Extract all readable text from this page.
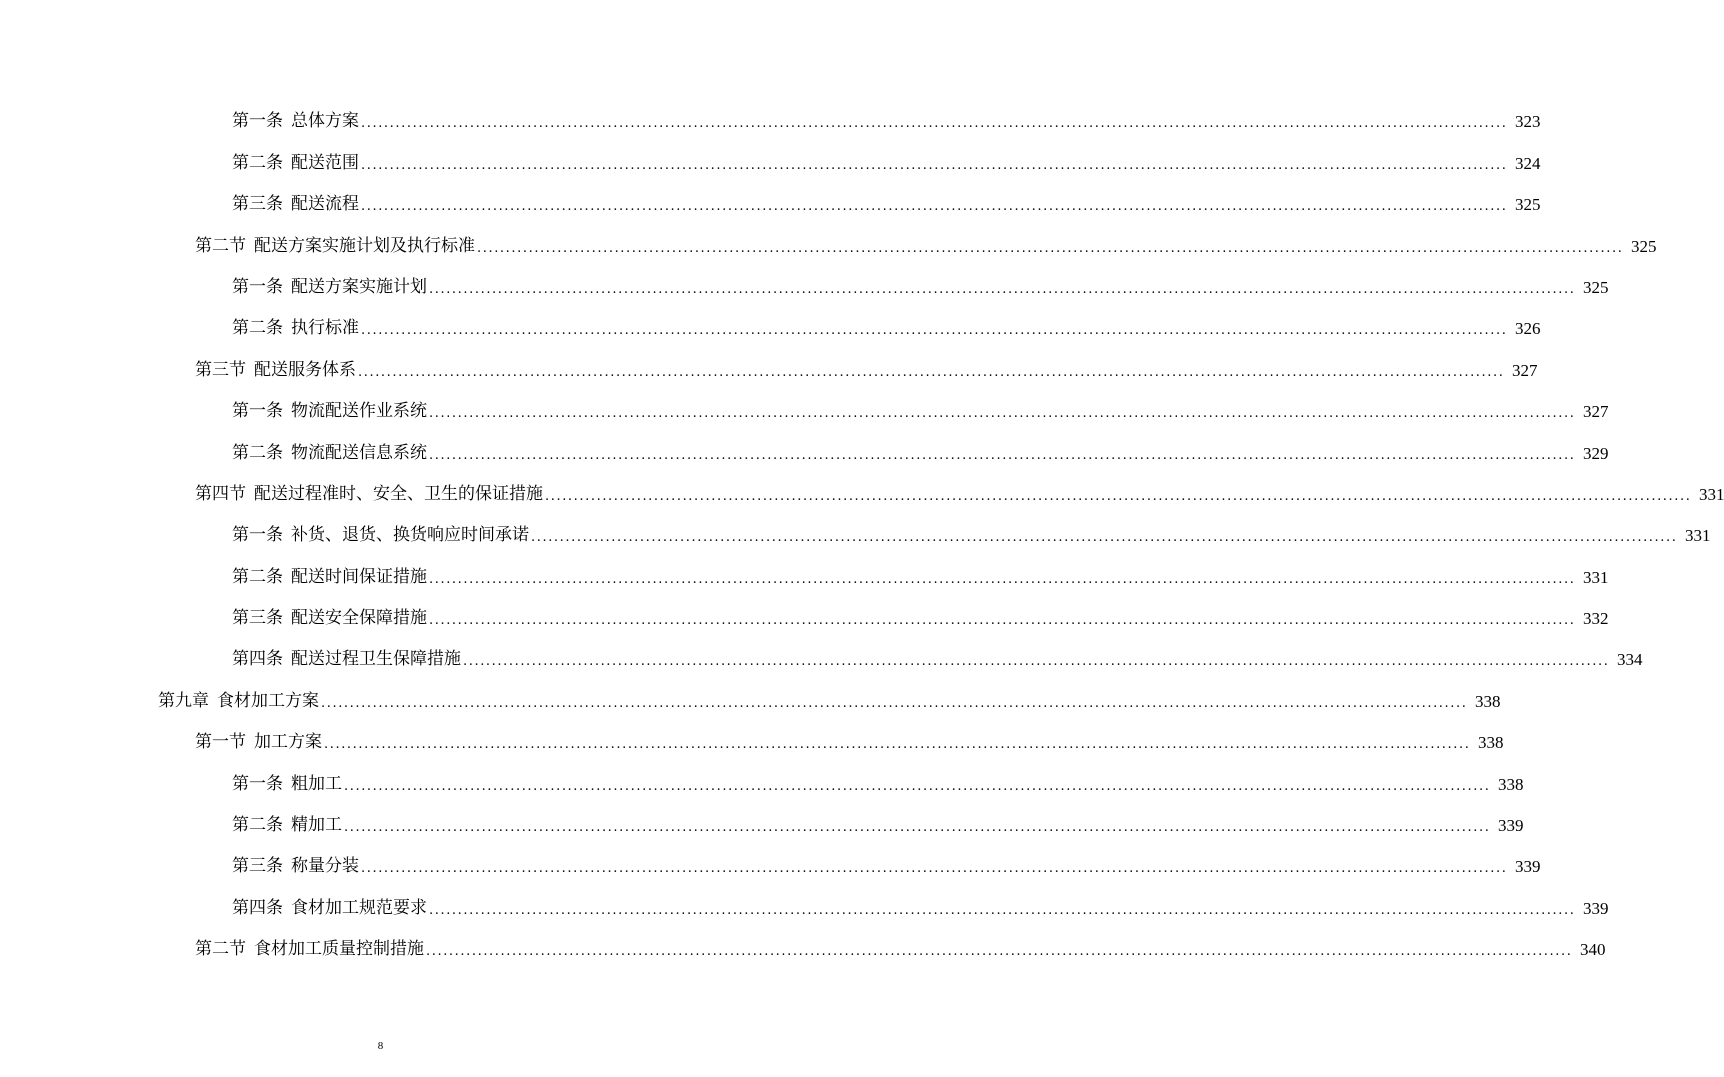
第一条 总体方案 ........................................................................................................................................................................................................ 323
第二条 配送范围 ........................................................................................................................................................................................................ 324
第三条 配送流程 ........................................................................................................................................................................................................ 325
第二节 配送方案实施计划及执行标准 ........................................................................................................................................................................................................ 325
第一条 配送方案实施计划 ........................................................................................................................................................................................................ 325
第二条 执行标准 ........................................................................................................................................................................................................ 326
第三节 配送服务体系 ........................................................................................................................................................................................................ 327
第一条 物流配送作业系统 ........................................................................................................................................................................................................ 327
第二条 物流配送信息系统 ........................................................................................................................................................................................................ 329
第四节 配送过程准时、安全、卫生的保证措施 ........................................................................................................................................................................................................ 331
第一条 补货、退货、换货响应时间承诺 ........................................................................................................................................................................................................ 331
第二条 配送时间保证措施 ........................................................................................................................................................................................................ 331
第三条 配送安全保障措施 ........................................................................................................................................................................................................ 332
第四条 配送过程卫生保障措施 ........................................................................................................................................................................................................ 334
第九章 食材加工方案 ........................................................................................................................................................................................................ 338
第一节 加工方案 ........................................................................................................................................................................................................ 338
第一条 粗加工 ........................................................................................................................................................................................................ 338
第二条 精加工 ........................................................................................................................................................................................................ 339
第三条 称量分装 ........................................................................................................................................................................................................ 339
第四条 食材加工规范要求 ........................................................................................................................................................................................................ 339
第二节 食材加工质量控制措施 ........................................................................................................................................................................................................ 340
8
